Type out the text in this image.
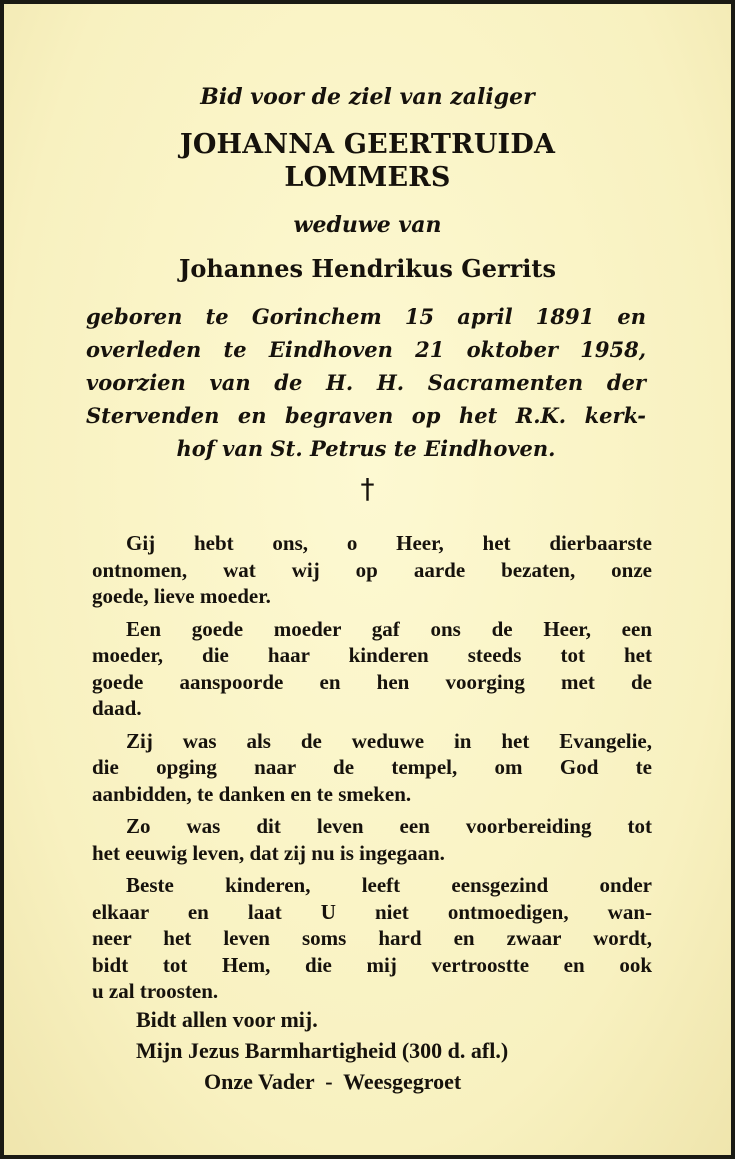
Bid voor de ziel van zaliger
JOHANNA GEERTRUIDA
LOMMERS
weduwe van
Johannes Hendrikus Gerrits
geboren te Gorinchem 15 april 1891 en
overleden te Eindhoven 21 oktober 1958,
voorzien van de H. H. Sacramenten der
Stervenden en begraven op het R.K. kerk-
hof van St. Petrus te Eindhoven.
†

Gij hebt ons, o Heer, het dierbaarste
ontnomen, wat wij op aarde bezaten, onze
goede, lieve moeder.

Een goede moeder gaf ons de Heer, een
moeder, die haar kinderen steeds tot het
goede aanspoorde en hen voorging met de
daad.

Zij was als de weduwe in het Evangelie,
die opging naar de tempel, om God te
aanbidden, te danken en te smeken.

Zo was dit leven een voorbereiding tot
het eeuwig leven, dat zij nu is ingegaan.

Beste kinderen, leeft eensgezind onder
elkaar en laat U niet ontmoedigen, wan-
neer het leven soms hard en zwaar wordt,
bidt tot Hem, die mij vertroostte en ook
u zal troosten.

Bidt allen voor mij.
Mijn Jezus Barmhartigheid (300 d. afl.)
Onze Vader  -  Weesgegroet
